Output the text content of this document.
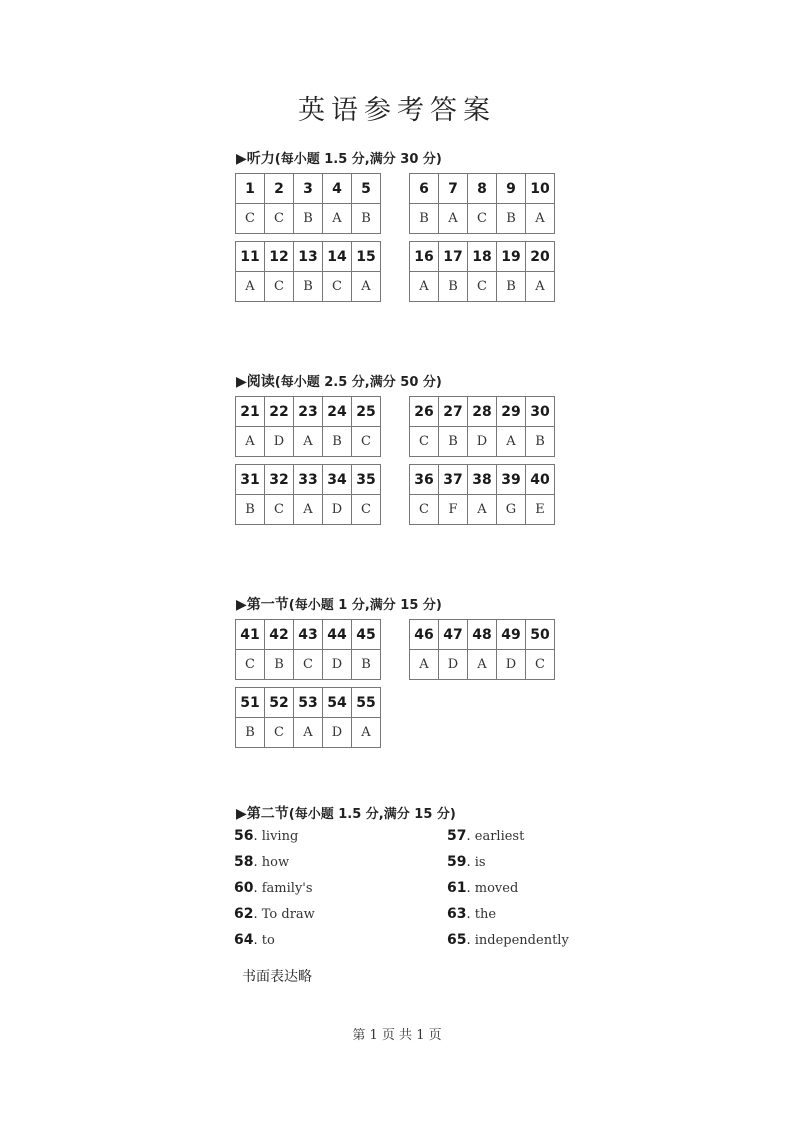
英语参考答案
▶听力(每小题 1.5 分,满分 30 分)
1	2	3	4	5
C	C	B	A	B
6	7	8	9	10
B	A	C	B	A
11	12	13	14	15
A	C	B	C	A
16	17	18	19	20
A	B	C	B	A
▶阅读(每小题 2.5 分,满分 50 分)
21	22	23	24	25
A	D	A	B	C
26	27	28	29	30
C	B	D	A	B
31	32	33	34	35
B	C	A	D	C
36	37	38	39	40
C	F	A	G	E
▶第一节(每小题 1 分,满分 15 分)
41	42	43	44	45
C	B	C	D	B
46	47	48	49	50
A	D	A	D	C
51	52	53	54	55
B	C	A	D	A
▶第二节(每小题 1.5 分,满分 15 分)
56. living	57. earliest
58. how	59. is
60. family's	61. moved
62. To draw	63. the
64. to	65. independently
书面表达略
第 1 页 共 1 页
